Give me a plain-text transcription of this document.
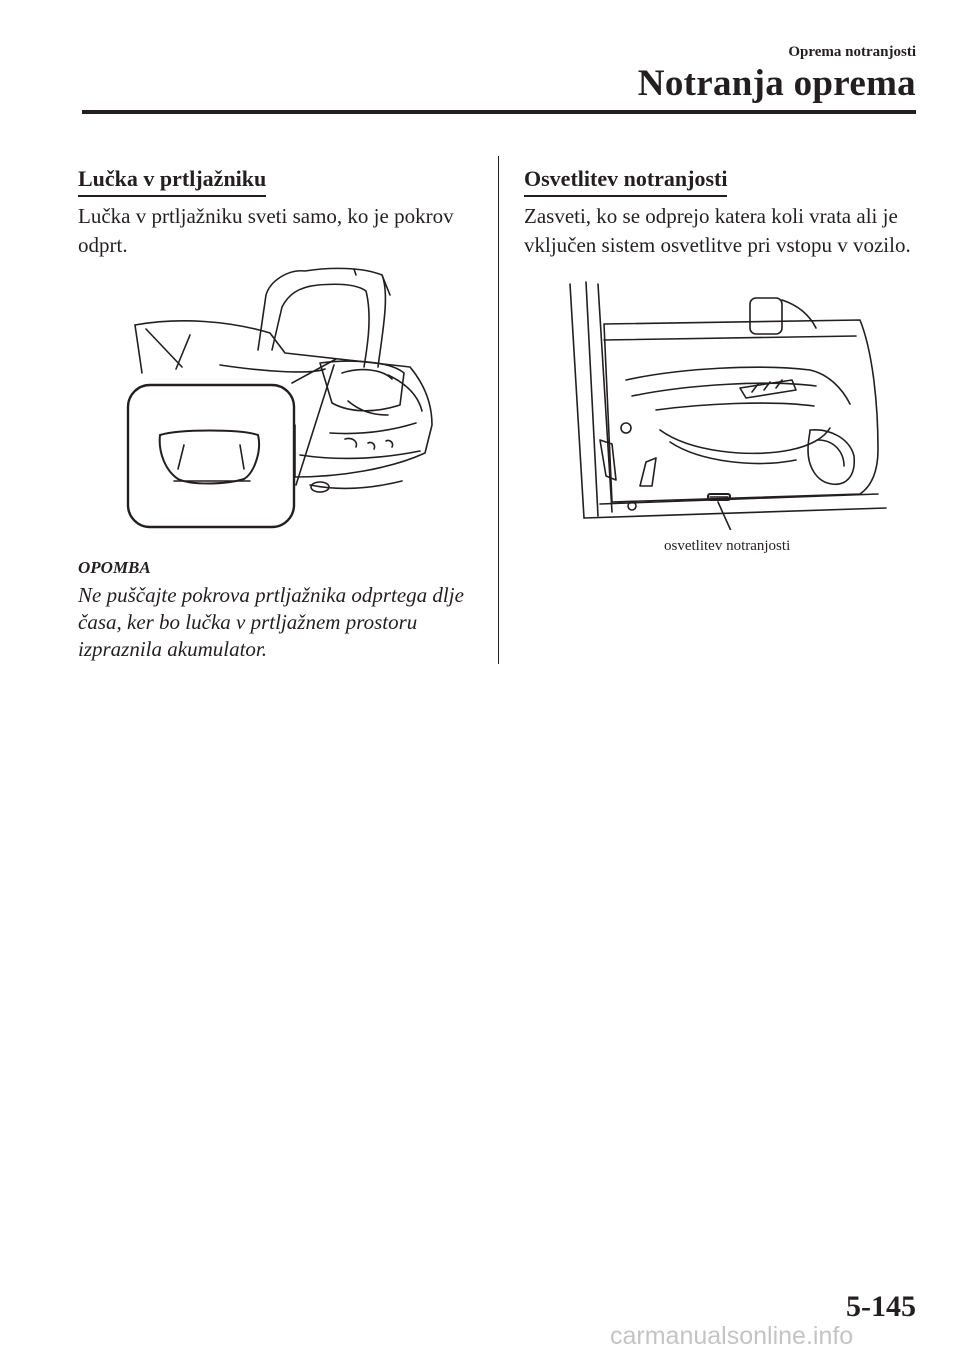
Oprema notranjosti
Notranja oprema
Lučka v prtljažniku
Lučka v prtljažniku sveti samo, ko je pokrov odprt.
OPOMBA
Ne puščajte pokrova prtljažnika odprtega dlje časa, ker bo lučka v prtljažnem prostoru izpraznila akumulator.
Osvetlitev notranjosti
Zasveti, ko se odprejo katera koli vrata ali je vključen sistem osvetlitve pri vstopu v vozilo.
osvetlitev notranjosti
5-145
carmanualsonline.info
